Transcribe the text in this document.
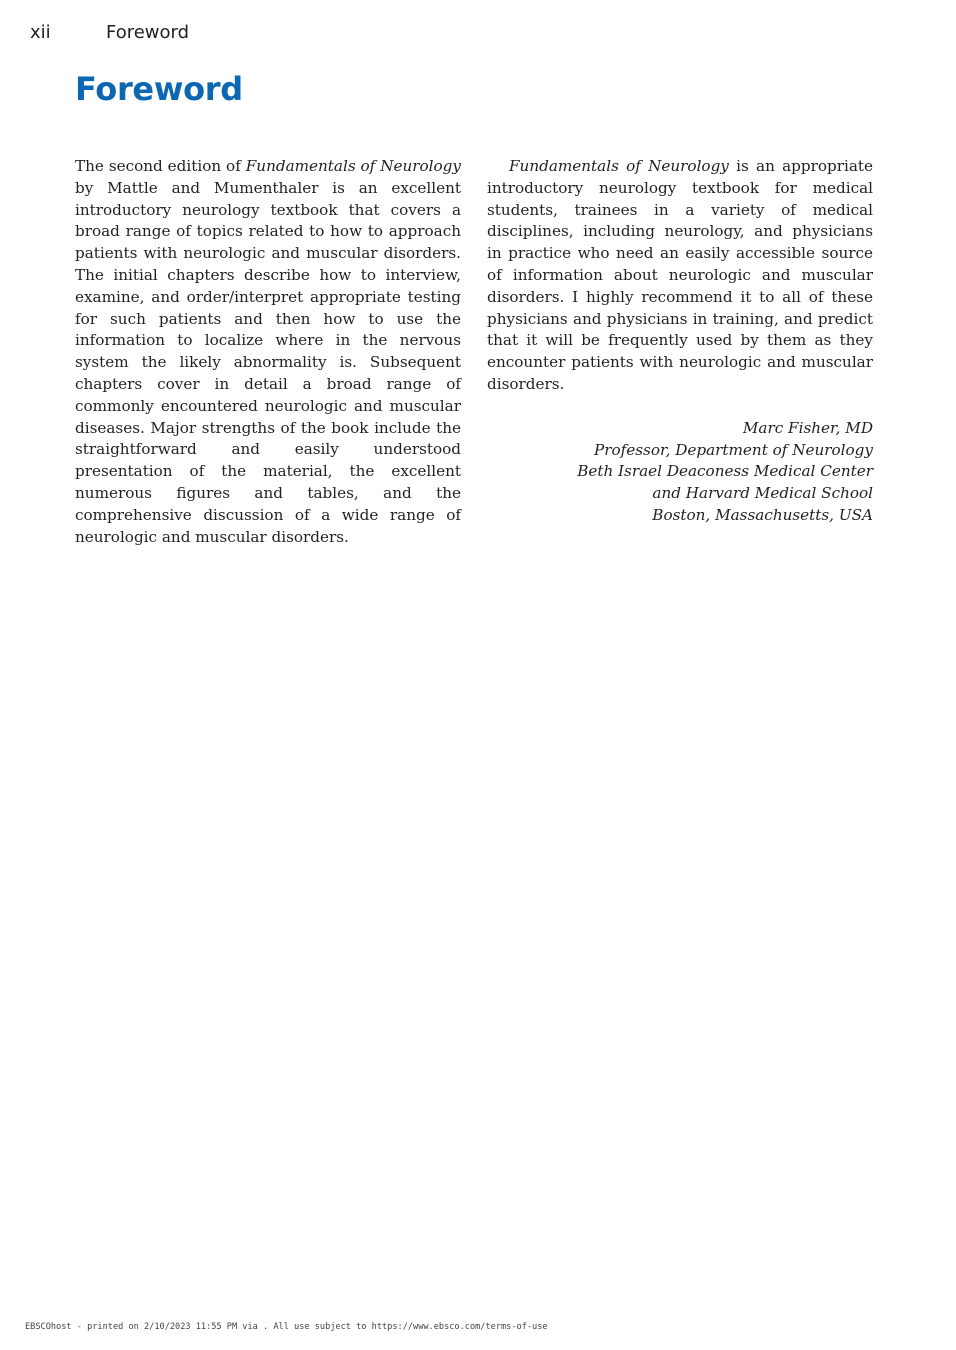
xii	Foreword
Foreword

The second edition of Fundamentals of Neurology by Mattle and Mumenthaler is an excellent introductory neurology textbook that covers a broad range of topics related to how to approach patients with neurologic and muscular disorders. The initial chapters describe how to interview, examine, and order/interpret appropriate testing for such patients and then how to use the information to localize where in the nervous system the likely abnormality is. Subsequent chapters cover in detail a broad range of commonly encountered neurologic and muscular diseases. Major strengths of the book include the straightforward and easily understood presentation of the material, the excellent numerous figures and tables, and the comprehensive discussion of a wide range of neurologic and muscular disorders.

Fundamentals of Neurology is an appropriate introductory neurology textbook for medical students, trainees in a variety of medical disciplines, including neurology, and physicians in practice who need an easily accessible source of information about neurologic and muscular disorders. I highly recommend it to all of these physicians and physicians in training, and predict that it will be frequently used by them as they encounter patients with neurologic and muscular disorders.

Marc Fisher, MD
Professor, Department of Neurology
Beth Israel Deaconess Medical Center
and Harvard Medical School
Boston, Massachusetts, USA
EBSCOhost - printed on 2/10/2023 11:55 PM via . All use subject to https://www.ebsco.com/terms-of-use
